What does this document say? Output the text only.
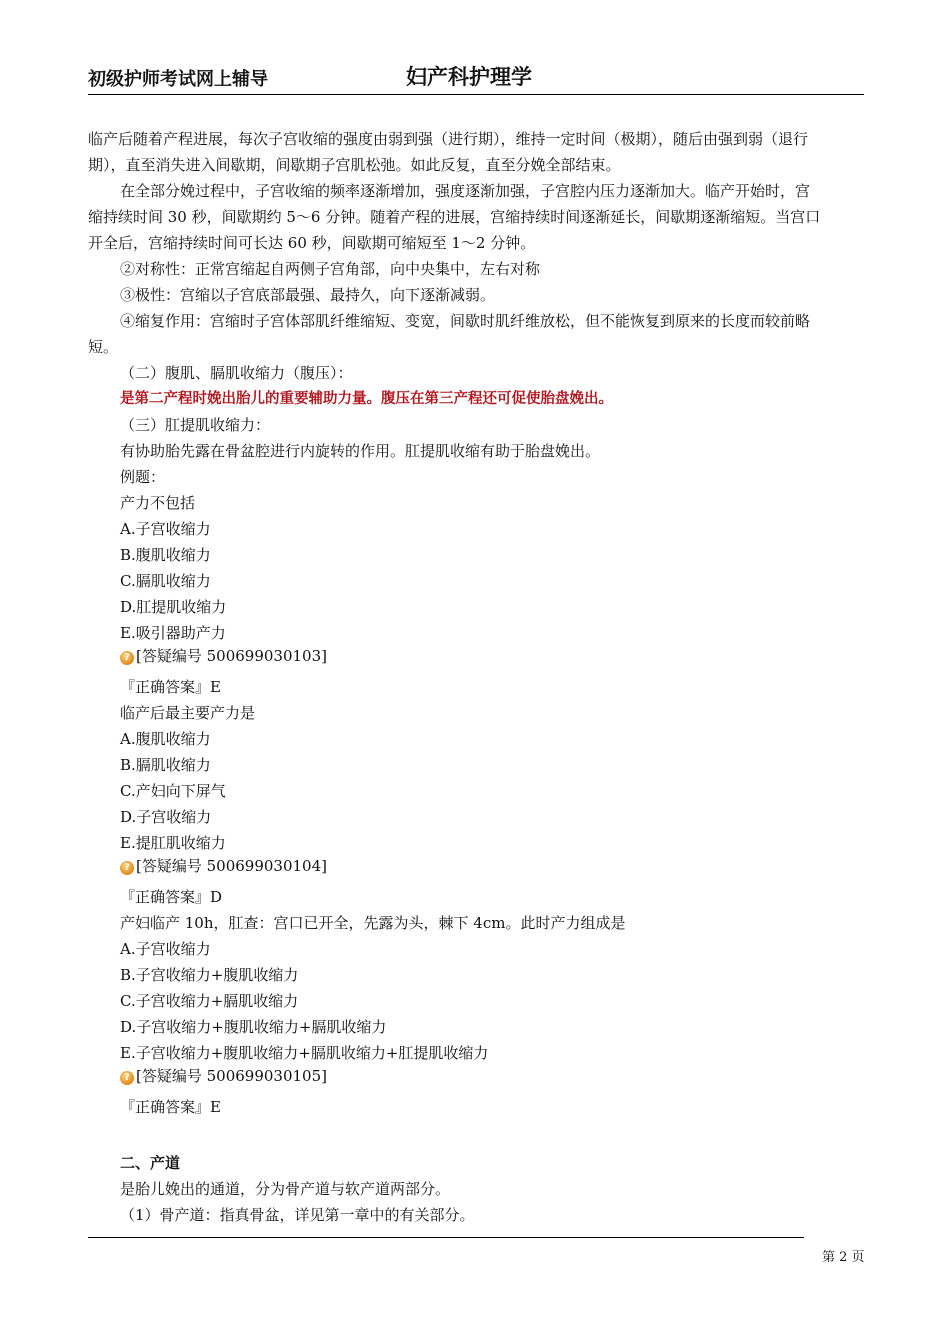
初级护师考试网上辅导	妇产科护理学
临产后随着产程进展，每次子宫收缩的强度由弱到强（进行期），维持一定时间（极期），随后由强到弱（退行
期），直至消失进入间歇期，间歇期子宫肌松弛。如此反复，直至分娩全部结束。
在全部分娩过程中，子宫收缩的频率逐渐增加，强度逐渐加强，子宫腔内压力逐渐加大。临产开始时，宫
缩持续时间 30 秒，间歇期约 5～6 分钟。随着产程的进展，宫缩持续时间逐渐延长，间歇期逐渐缩短。当宫口
开全后，宫缩持续时间可长达 60 秒，间歇期可缩短至 1～2 分钟。
②对称性：正常宫缩起自两侧子宫角部，向中央集中，左右对称
③极性：宫缩以子宫底部最强、最持久，向下逐渐减弱。
④缩复作用：宫缩时子宫体部肌纤维缩短、变宽，间歇时肌纤维放松，但不能恢复到原来的长度而较前略
短。
（二）腹肌、膈肌收缩力（腹压）：
是第二产程时娩出胎儿的重要辅助力量。腹压在第三产程还可促使胎盘娩出。
（三）肛提肌收缩力：
有协助胎先露在骨盆腔进行内旋转的作用。肛提肌收缩有助于胎盘娩出。
例题：
产力不包括
A.子宫收缩力
B.腹肌收缩力
C.膈肌收缩力
D.肛提肌收缩力
E.吸引器助产力
? [答疑编号 500699030103]
『正确答案』E
临产后最主要产力是
A.腹肌收缩力
B.膈肌收缩力
C.产妇向下屏气
D.子宫收缩力
E.提肛肌收缩力
? [答疑编号 500699030104]
『正确答案』D
产妇临产 10h，肛查：宫口已开全，先露为头，棘下 4cm。此时产力组成是
A.子宫收缩力
B.子宫收缩力+腹肌收缩力
C.子宫收缩力+膈肌收缩力
D.子宫收缩力+腹肌收缩力+膈肌收缩力
E.子宫收缩力+腹肌收缩力+膈肌收缩力+肛提肌收缩力
? [答疑编号 500699030105]
『正确答案』E
二、产道
是胎儿娩出的通道，分为骨产道与软产道两部分。
（1）骨产道：指真骨盆，详见第一章中的有关部分。
第 2 页
